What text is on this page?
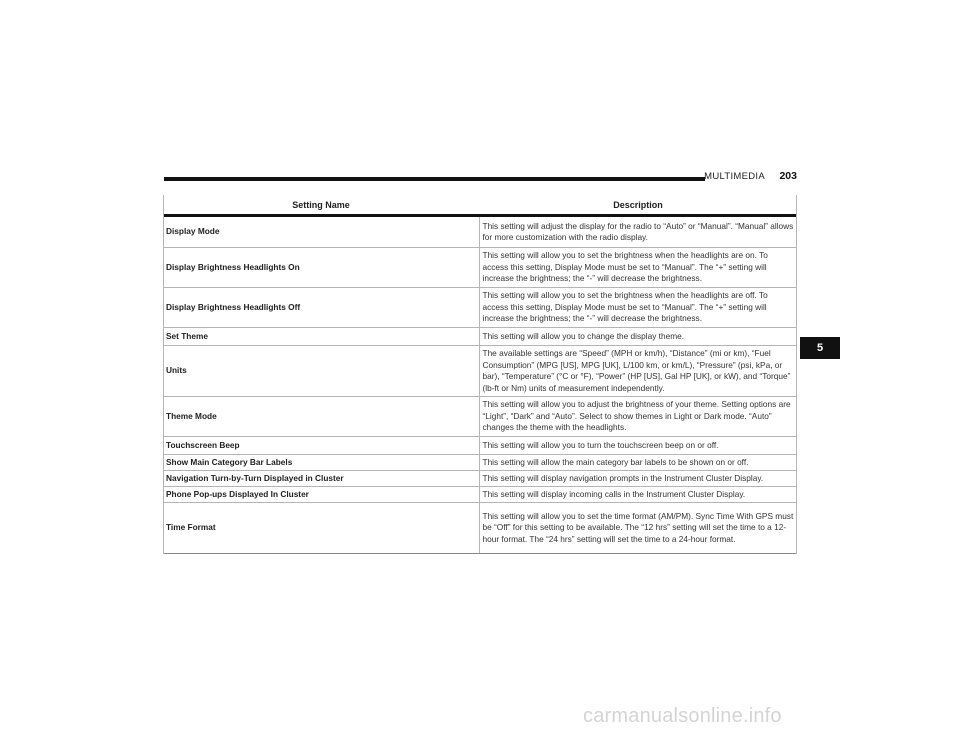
MULTIMEDIA 203
5
Setting Name	Description
Display Mode	This setting will adjust the display for the radio to “Auto” or “Manual”. “Manual” allows for more customization with the radio display.
Display Brightness Headlights On	This setting will allow you to set the brightness when the headlights are on. To access this setting, Display Mode must be set to “Manual”. The “+” setting will increase the brightness; the “-” will decrease the brightness.
Display Brightness Headlights Off	This setting will allow you to set the brightness when the headlights are off. To access this setting, Display Mode must be set to “Manual”. The “+” setting will increase the brightness; the “-” will decrease the brightness.
Set Theme	This setting will allow you to change the display theme.
Units	The available settings are “Speed” (MPH or km/h), “Distance” (mi or km), “Fuel Consumption” (MPG [US], MPG [UK], L/100 km, or km/L), “Pressure” (psi, kPa, or bar), “Temperature” (°C or °F), “Power” (HP [US], Gal HP [UK], or kW), and “Torque” (lb-ft or Nm) units of measurement independently.
Theme Mode	This setting will allow you to adjust the brightness of your theme. Setting options are “Light”, “Dark” and “Auto”. Select to show themes in Light or Dark mode. “Auto” changes the theme with the headlights.
Touchscreen Beep	This setting will allow you to turn the touchscreen beep on or off.
Show Main Category Bar Labels	This setting will allow the main category bar labels to be shown on or off.
Navigation Turn-by-Turn Displayed in Cluster	This setting will display navigation prompts in the Instrument Cluster Display.
Phone Pop-ups Displayed In Cluster	This setting will display incoming calls in the Instrument Cluster Display.
Time Format	This setting will allow you to set the time format (AM/PM). Sync Time With GPS must be “Off” for this setting to be available. The “12 hrs” setting will set the time to a 12-hour format. The “24 hrs” setting will set the time to a 24-hour format.
carmanualsonline.info
